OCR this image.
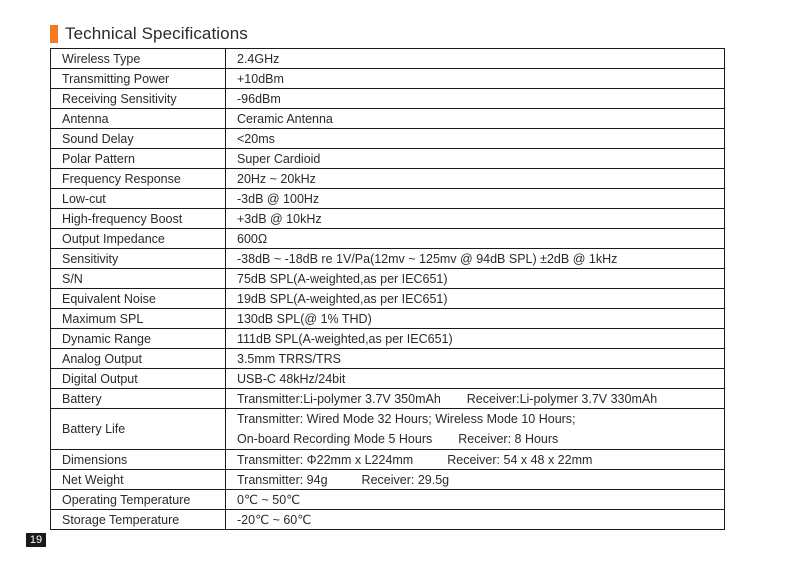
Technical Specifications
Wireless Type	2.4GHz
Transmitting Power	+10dBm
Receiving Sensitivity	-96dBm
Antenna	Ceramic Antenna
Sound Delay	<20ms
Polar Pattern	Super Cardioid
Frequency Response	20Hz ~ 20kHz
Low-cut	-3dB @ 100Hz
High-frequency Boost	+3dB @ 10kHz
Output Impedance	600Ω
Sensitivity	-38dB ~ -18dB re 1V/Pa(12mv ~ 125mv @ 94dB SPL) ±2dB @ 1kHz
S/N	75dB SPL(A-weighted,as per IEC651)
Equivalent Noise	19dB SPL(A-weighted,as per IEC651)
Maximum SPL	130dB SPL(@ 1% THD)
Dynamic Range	111dB SPL(A-weighted,as per IEC651)
Analog Output	3.5mm TRRS/TRS
Digital Output	USB-C 48kHz/24bit
Battery	Transmitter:Li-polymer 3.7V 350mAh Receiver:Li-polymer 3.7V 330mAh
Battery Life	Transmitter: Wired Mode 32 Hours; Wireless Mode 10 Hours;
On-board Recording Mode 5 Hours Receiver: 8 Hours

Dimensions	Transmitter: Φ22mm x L224mm Receiver: 54 x 48 x 22mm
Net Weight	Transmitter: 94g Receiver: 29.5g
Operating Temperature	0℃ ~ 50℃
Storage Temperature	-20℃ ~ 60℃
19
